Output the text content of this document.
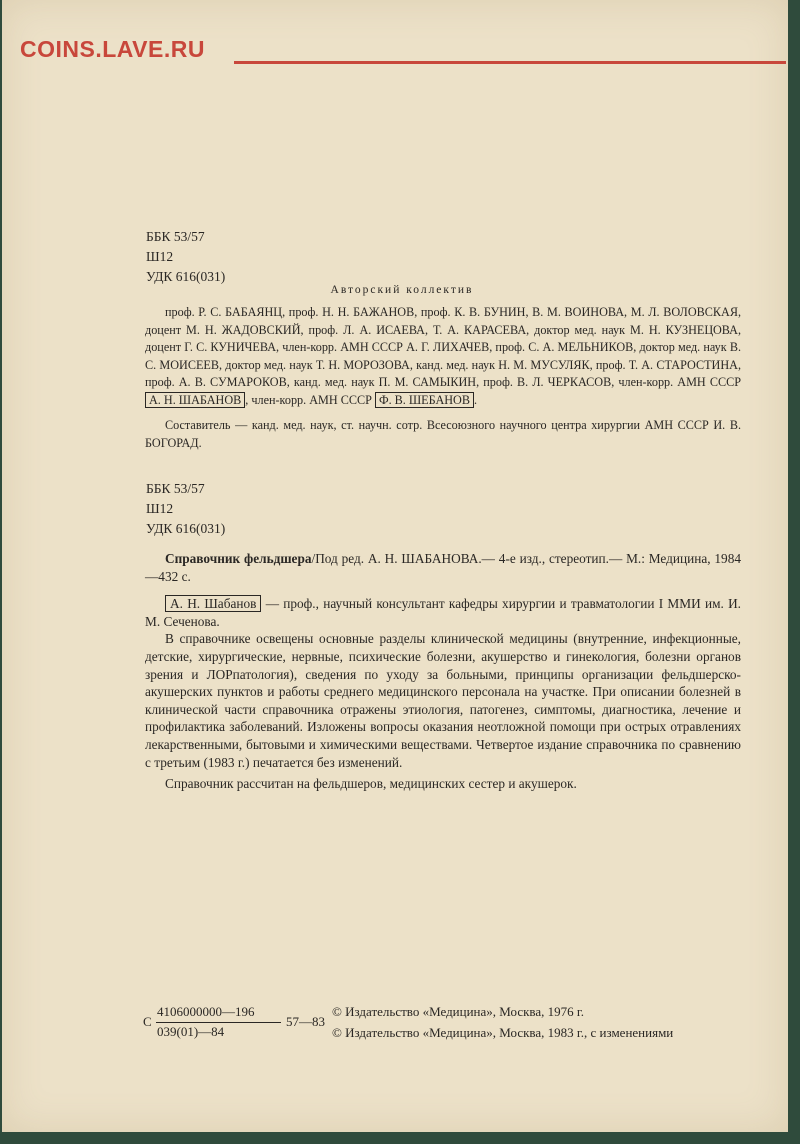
COINS.LAVE.RU
ББК 53/57
Ш12
УДК 616(031)
Авторский коллектив

проф. Р. С. БАБАЯНЦ, проф. Н. Н. БАЖАНОВ, проф. К. В. БУНИН, В. М. ВОИНОВА, М. Л. ВОЛОВСКАЯ, доцент М. Н. ЖАДОВСКИЙ, проф. Л. А. ИСАЕВА, Т. А. КАРАСЕВА, доктор мед. наук М. Н. КУЗНЕЦОВА, доцент Г. С. КУНИЧЕВА, член-корр. АМН СССР А. Г. ЛИХАЧЕВ, проф. С. А. МЕЛЬНИКОВ, доктор мед. наук В. С. МОИСЕЕВ, доктор мед. наук Т. Н. МОРОЗОВА, канд. мед. наук Н. М. МУСУЛЯК, проф. Т. А. СТАРОСТИНА, проф. А. В. СУМАРОКОВ, канд. мед. наук П. М. САМЫКИН, проф. В. Л. ЧЕРКАСОВ, член-корр. АМН СССР А. Н. ШАБАНОВ , член-корр. АМН СССР Ф. В. ШЕБАНОВ .

Составитель — канд. мед. наук, ст. научн. сотр. Всесоюзного научного центра хирургии АМН СССР И. В. БОГОРАД.

ББК 53/57
Ш12
УДК 616(031)

Справочник фельдшера/Под ред. А. Н. ШАБАНОВА.— 4-е изд., стереотип.— М.: Медицина, 1984—432 с.

А. Н. Шабанов — проф., научный консультант кафедры хирургии и травматологии I ММИ им. И. М. Сеченова.

В справочнике освещены основные разделы клинической медицины (внутренние, инфекционные, детские, хирургические, нервные, психические болезни, акушерство и гинекология, болезни органов зрения и ЛОРпатология), сведения по уходу за больными, принципы организации фельдшерско-акушерских пунктов и работы среднего медицинского персонала на участке. При описании болезней в клинической части справочника отражены этиология, патогенез, симптомы, диагностика, лечение и профилактика заболеваний. Изложены вопросы оказания неотложной помощи при острых отравлениях лекарственными, бытовыми и химическими веществами. Четвертое издание справочника по сравнению с третьим (1983 г.) печатается без изменений.

Справочник рассчитан на фельдшеров, медицинских сестер и акушерок.

С
4106000000—196
039(01)—84
57—83
© Издательство «Медицина», Москва, 1976 г.
© Издательство «Медицина», Москва, 1983 г., с изменениями
